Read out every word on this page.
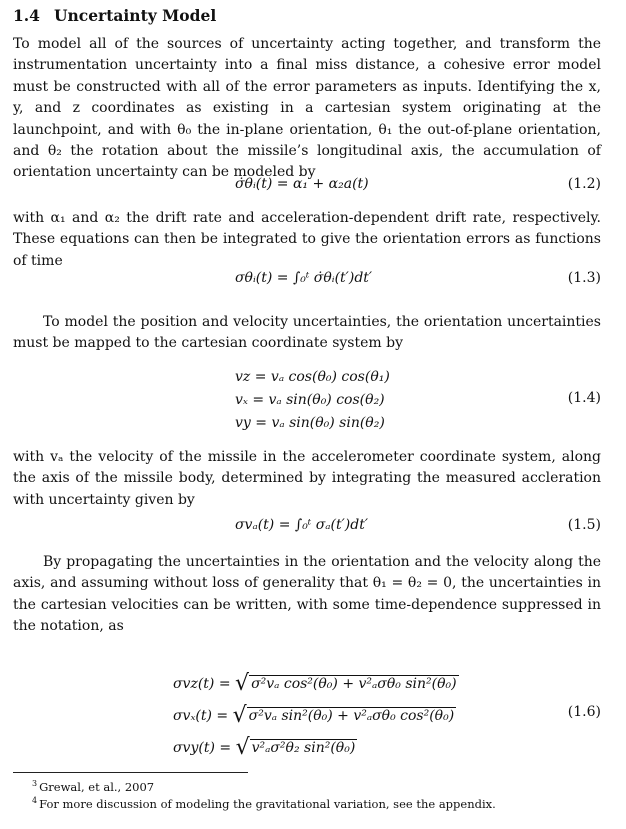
1.4 Uncertainty Model

To model all of the sources of uncertainty acting together, and transform the instrumentation uncertainty into a final miss distance, a cohesive error model must be constructed with all of the error parameters as inputs. Identifying the x, y, and z coordinates as existing in a cartesian system originating at the launchpoint, and with θ₀ the in-plane orientation, θ₁ the out-of-plane orientation, and θ₂ the rotation about the missile’s longitudinal axis, the accumulation of orientation uncertainty can be modeled by

σ̇θᵢ(t) = α₁ + α₂a(t)	(1.2)

with α₁ and α₂ the drift rate and acceleration-dependent drift rate, respectively. These equations can then be integrated to give the orientation errors as functions of time

σθᵢ(t) = ∫₀ᵗ σ̇θᵢ(t′)dt′	(1.3)

To model the position and velocity uncertainties, the orientation uncertainties must be mapped to the cartesian coordinate system by

v𝑧 = vₐ cos(θ₀) cos(θ₁)
vₓ = vₐ sin(θ₀) cos(θ₂)
v𝑦 = vₐ sin(θ₀) sin(θ₂)
(1.4)

with vₐ the velocity of the missile in the accelerometer coordinate system, along the axis of the missile body, determined by integrating the measured accleration with uncertainty given by

σvₐ(t) = ∫₀ᵗ σₐ(t′)dt′	(1.5)

By propagating the uncertainties in the orientation and the velocity along the axis, and assuming without loss of generality that θ₁ = θ₂ = 0, the uncertainties in the cartesian velocities can be written, with some time-dependence suppressed in the notation, as

σv𝑧(t) = √ σ²vₐ cos²(θ₀) + v²ₐσθ₀ sin²(θ₀)
σvₓ(t) = √ σ²vₐ sin²(θ₀) + v²ₐσθ₀ cos²(θ₀)
σv𝑦(t) = √ v²ₐσ²θ₂ sin²(θ₀)
(1.6)
$^3$ Grewal, et al., 2007
$^4$ For more discussion of modeling the gravitational variation, see the appendix.
